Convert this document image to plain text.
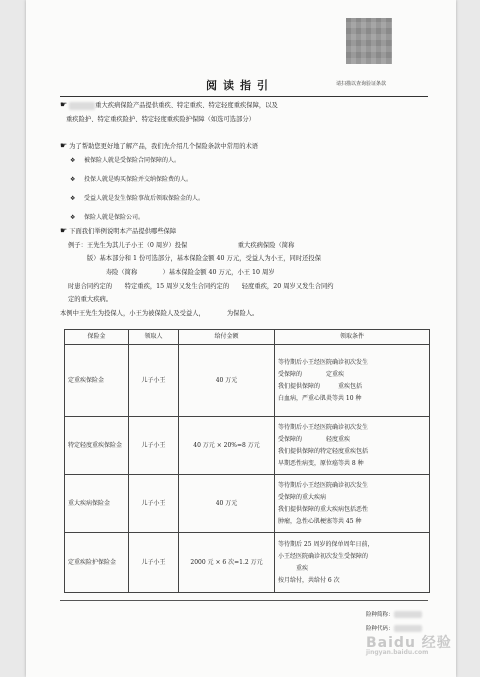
请扫描以查询验证条款
阅读指引
☛	重大疾病保险产品提供重疾、特定重疾、特定轻度重疾保障，以及
重疾险护、特定重疾险护、特定轻度重疾险护保障（如选可选部分）
☛ 为了帮助您更好地了解产品，我们先介绍几个保险条款中常用的术语
❖ 被保险人就是受保险合同保障的人。
❖ 投保人就是购买保险并交纳保险费的人。
❖ 受益人就是发生保险事故后领取保险金的人。
❖ 保险人就是保险公司。
☛ 下面我们举例说明本产品提供哪些保障
例子：王先生为其儿子小王（0 周岁）投保　　　　　　　　重大疾病保险（简称
　　　版）基本部分和 1 份可选部分，基本保险金额 40 万元，受益人为小王，同时还投保
　　　　　　寿险（简称　　　　）基本保险金额 40 万元，小王 10 周岁
时患合同约定的　　特定重疾，15 周岁又发生合同约定的　　轻度重疾，20 周岁又发生合同约
定的重大疾病。
本例中王先生为投保人，小王为被保险人及受益人，　　　　为保险人。
保险金	领取人	给付金额	领取条件
定重疾保险金	儿子小王	40 万元	等待期后小王经医院确诊初次发生
受保障的　　　　定重疾
我们提供保障的　　　重疾包括
白血病，严重心肌炎等共 10 种

特定轻度重疾保险金	儿子小王	40 万元 × 20%=8 万元	等待期后小王经医院确诊初次发生
受保障的　　　　轻度重疾
我们提供保障的特定轻度重疾包括
早期恶性病变，原位癌等共 8 种

重大疾病保险金	儿子小王	40 万元	等待期后小王经医院确诊初次发生
受保障的重大疾病
我们提供保障的重大疾病包括恶性
肿瘤，急性心肌梗塞等共 45 种

定重疾险护保险金	儿子小王	2000 元 × 6 次=1.2 万元	等待期后 25 周岁的保单周年日前，
小王经医院确诊初次发生受保障的
　　　重疾
按月给付，共给付 6 次
险种简称：
险种代码：
Baidu 经验
jingyan.baidu.com
